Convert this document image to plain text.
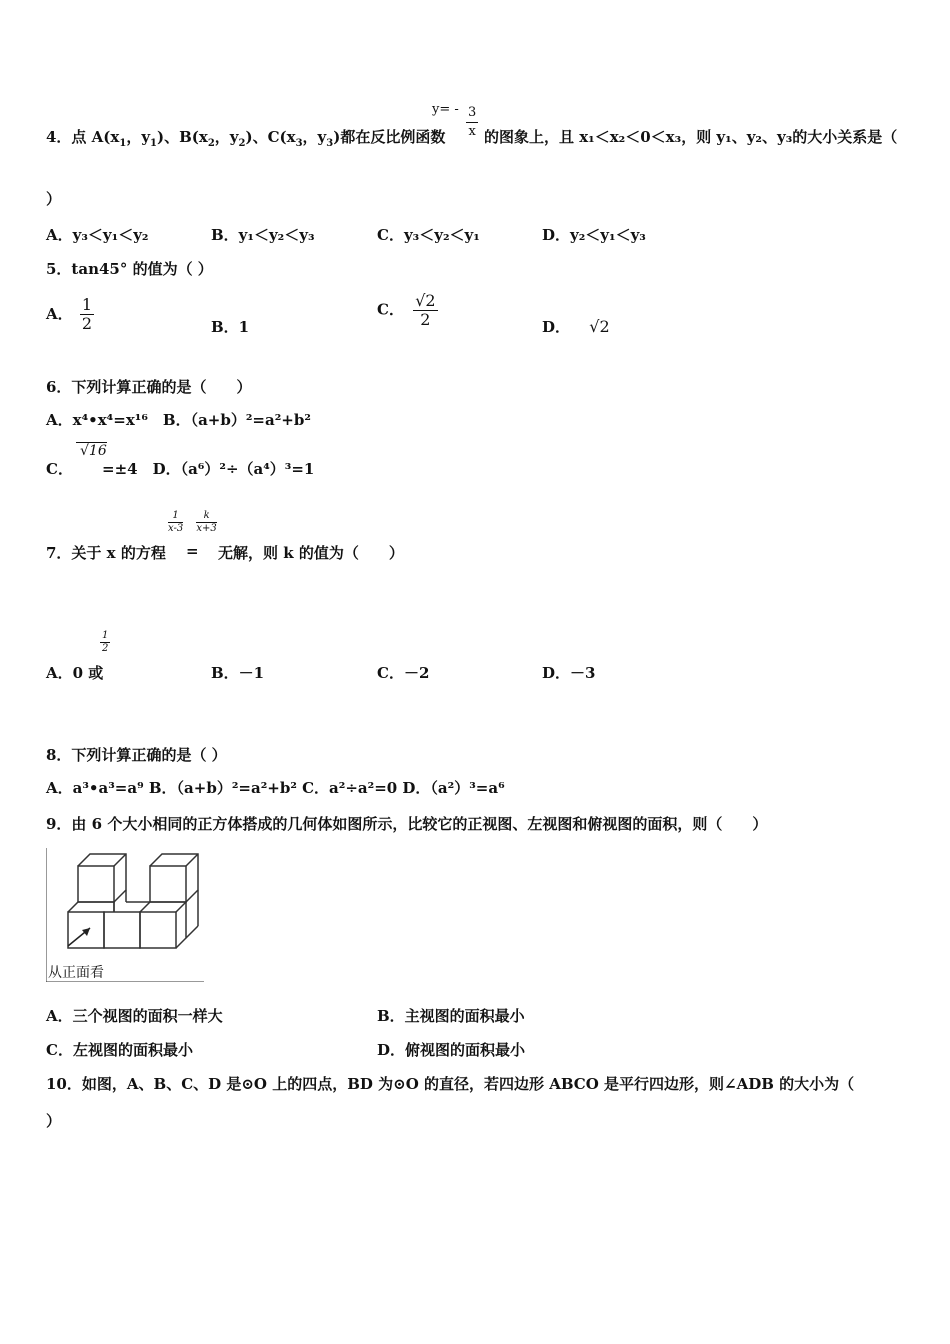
4．点 $A(x_1$，$y_1$)、$B(x_2$，$y_2$)、$C(x_3$，$y_3$)都在反比例函数
$y= - \frac{3}{x}$ 的图象上，且 x₁＜x₂＜0＜x₃，则 y₁、y₂、y₃的大小关系是（
）
A．y₃＜y₁＜y₂	B．y₁＜y₂＜y₃	C．y₃＜y₂＜y₁	D．y₂＜y₁＜y₃
5．tan45° 的值为（ ）
A． $\frac{1}{2}$	B．1
C． $\frac{√2}{2}$	D． √2
6．下列计算正确的是（　　）
A．x⁴•x⁴=x¹⁶　B．（a+b）²=a²+b²
C．
√16
=±4　D．（a⁶）²÷（a⁴）³=1
7．关于 x 的方程
$\frac{1}{x-3}$
$\frac{k}{x+3}$
= 无解，则 k 的值为（　　）
A．0 或
$\frac{1}{2}$
B．－1	C．－2	D．－3
8．下列计算正确的是（ ）
A．a³•a³=a⁹ B．（a+b）²=a²+b² C．a²÷a²=0 D．（a²）³=a⁶
9．由 6 个大小相同的正方体搭成的几何体如图所示，比较它的正视图、左视图和俯视图的面积，则（　　）
从正面看
A．三个视图的面积一样大	B．主视图的面积最小
C．左视图的面积最小	D．俯视图的面积最小
10．如图，A、B、C、D 是⊙O 上的四点，BD 为⊙O 的直径，若四边形 ABCO 是平行四边形，则∠ADB 的大小为（
）
